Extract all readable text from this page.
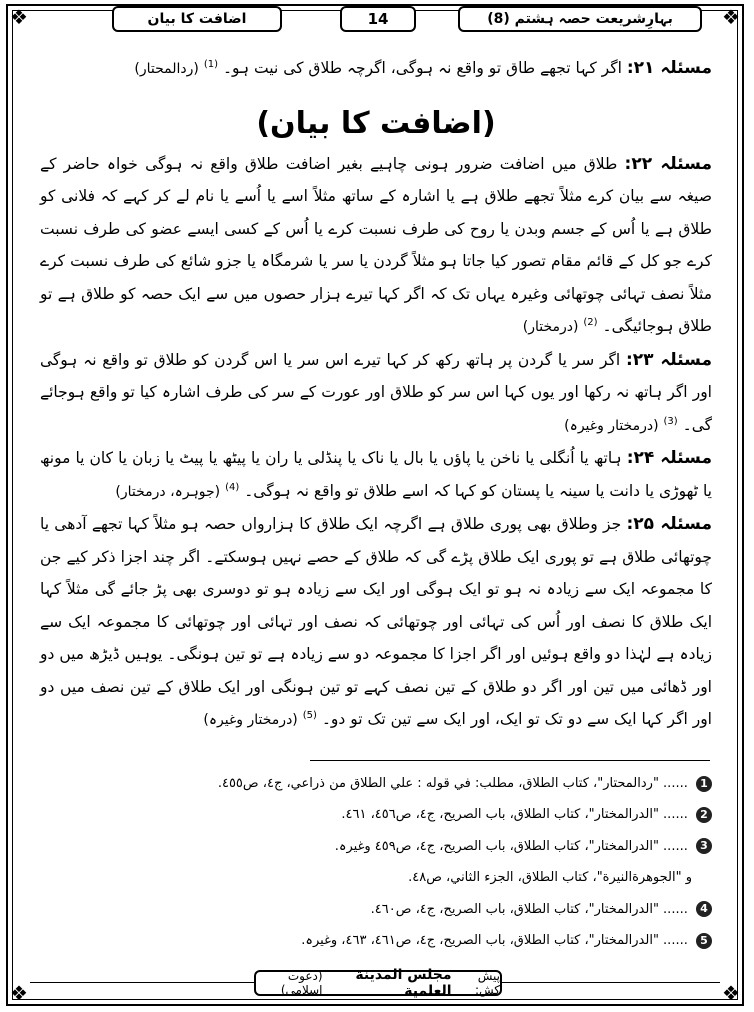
❖	❖
❖	❖
بہارِشریعت حصہ ہشتم (8)
14
اضافت کا بیان

مسئلہ ۲۱: اگر کہا تجھے طاق تو واقع نہ ہوگی، اگرچہ طلاق کی نیت ہو۔ $^{(1)}$ (ردالمحتار)

(اضافت کا بیان)

مسئلہ ۲۲: طلاق میں اضافت ضرور ہونی چاہیے بغیر اضافت طلاق واقع نہ ہوگی خواہ حاضر کے صیغہ سے بیان کرے مثلاً تجھے طلاق ہے یا اشارہ کے ساتھ مثلاً اسے یا اُسے یا نام لے کر کہے کہ فلانی کو طلاق ہے یا اُس کے جسم وبدن یا روح کی طرف نسبت کرے یا اُس کے کسی ایسے عضو کی طرف نسبت کرے جو کل کے قائم مقام تصور کیا جاتا ہو مثلاً گردن یا سر یا شرمگاہ یا جزو شائع کی طرف نسبت کرے مثلاً نصف تہائی چوتھائی وغیرہ یہاں تک کہ اگر کہا تیرے ہزار حصوں میں سے ایک حصہ کو طلاق ہے تو طلاق ہوجائیگی۔ $^{(2)}$ (درمختار)

مسئلہ ۲۳: اگر سر یا گردن پر ہاتھ رکھ کر کہا تیرے اس سر یا اس گردن کو طلاق تو واقع نہ ہوگی اور اگر ہاتھ نہ رکھا اور یوں کہا اس سر کو طلاق اور عورت کے سر کی طرف اشارہ کیا تو واقع ہوجائے گی۔ $^{(3)}$ (درمختار وغیرہ)

مسئلہ ۲۴: ہاتھ یا اُنگلی یا ناخن یا پاؤں یا بال یا ناک یا پنڈلی یا ران یا پیٹھ یا پیٹ یا زبان یا کان یا مونھ یا ٹھوڑی یا دانت یا سینہ یا پستان کو کہا کہ اسے طلاق تو واقع نہ ہوگی۔ $^{(4)}$ (جوہرہ، درمختار)

مسئلہ ۲۵: جز وطلاق بھی پوری طلاق ہے اگرچہ ایک طلاق کا ہزارواں حصہ ہو مثلاً کہا تجھے آدھی یا چوتھائی طلاق ہے تو پوری ایک طلاق پڑے گی کہ طلاق کے حصے نہیں ہوسکتے۔ اگر چند اجزا ذکر کیے جن کا مجموعہ ایک سے زیادہ نہ ہو تو ایک ہوگی اور ایک سے زیادہ ہو تو دوسری بھی پڑ جائے گی مثلاً کہا ایک طلاق کا نصف اور اُس کی تہائی اور چوتھائی کہ نصف اور تہائی اور چوتھائی کا مجموعہ ایک سے زیادہ ہے لہٰذا دو واقع ہوئیں اور اگر اجزا کا مجموعہ دو سے زیادہ ہے تو تین ہونگی۔ یوہیں ڈیڑھ میں دو اور ڈھائی میں تین اور اگر دو طلاق کے تین نصف کہے تو تین ہونگی اور ایک طلاق کے تین نصف میں دو اور اگر کہا ایک سے دو تک تو ایک، اور ایک سے تین تک تو دو۔ $^{(5)}$ (درمختار وغیرہ)

1 ...... "ردالمحتار"، کتاب الطلاق، مطلب: في قوله : علي الطلاق من ذراعي، ج٤، ص٤٥٥.
2 ...... "الدرالمختار"، کتاب الطلاق، باب الصریح، ج٤، ص٤٥٦، ٤٦١.
3 ...... "الدرالمختار"، کتاب الطلاق، باب الصریح، ج٤، ص٤٥٩ وغیرہ.
و "الجوهرةالنيرة"، كتاب الطلاق، الجزء الثاني، ص٤٨.
4 ...... "الدرالمختار"، کتاب الطلاق، باب الصریح، ج٤، ص٤٦٠.
5 ...... "الدرالمختار"، کتاب الطلاق، باب الصریح، ج٤، ص٤٦١، ٤٦٣، وغیرہ.
پیش کش:
مجلس المدينة العلمية
(دعوت اسلامی)
